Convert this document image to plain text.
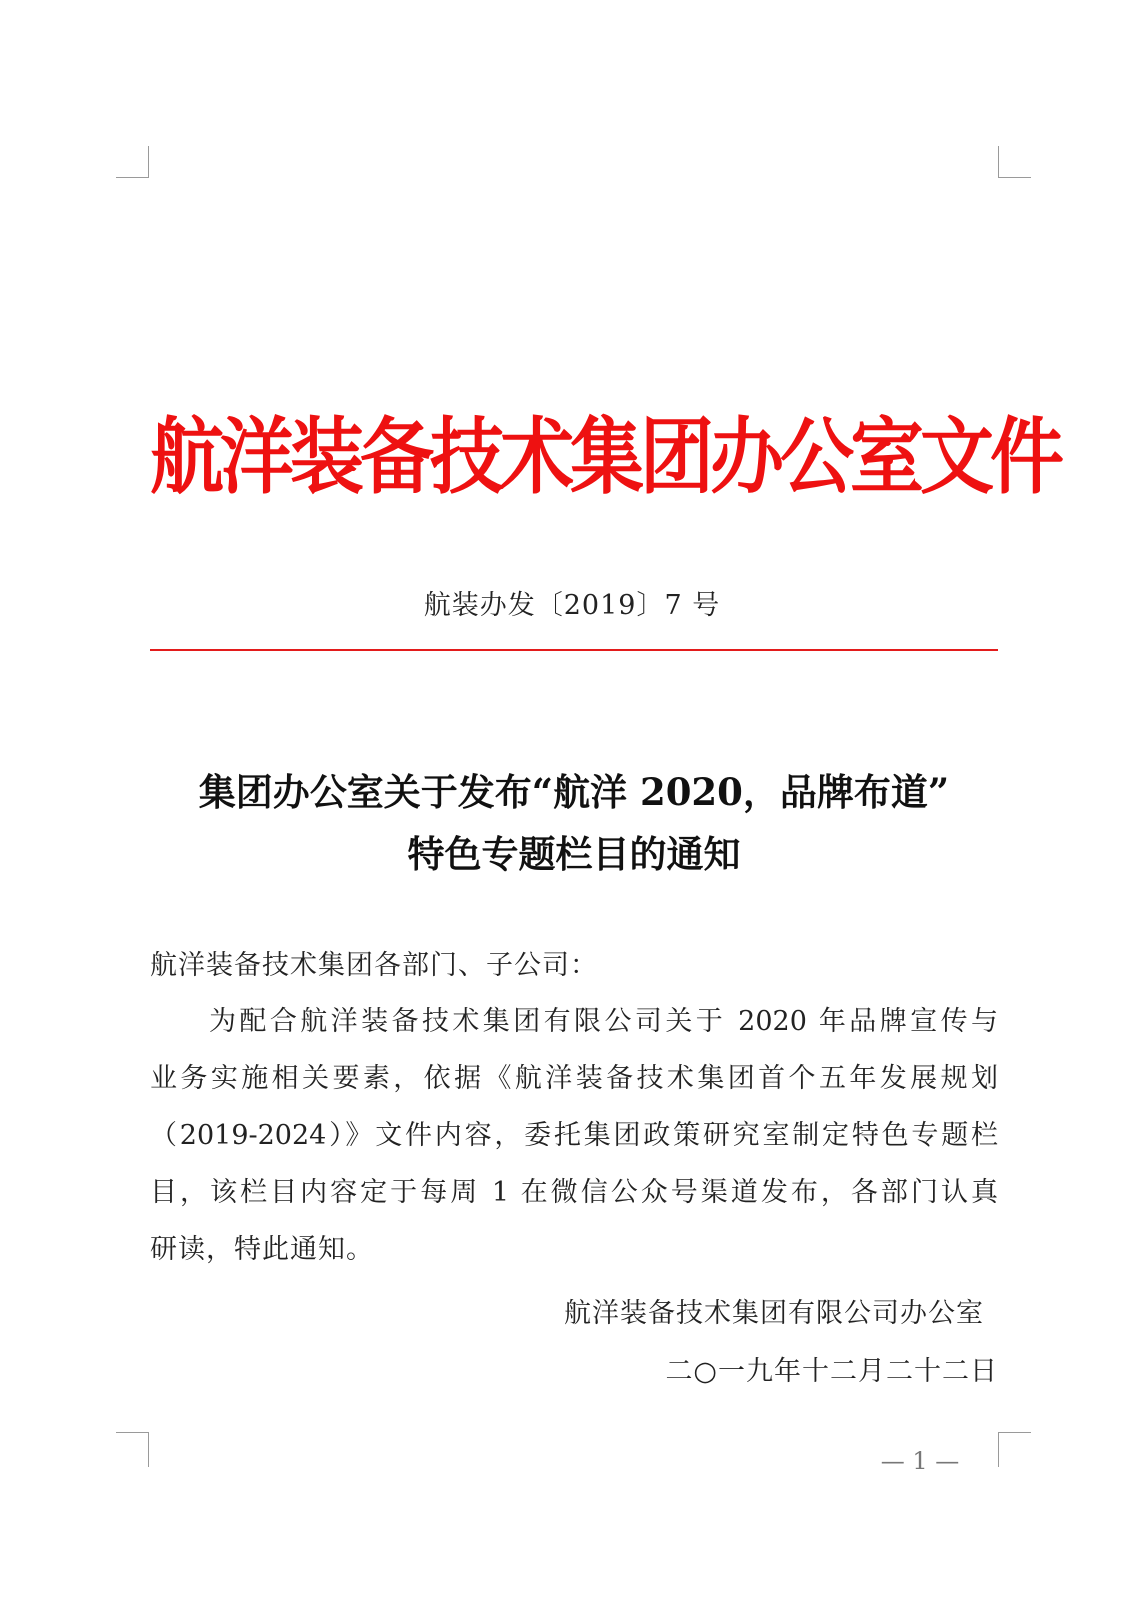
航洋装备技术集团办公室文件
航装办发〔2019〕7 号
集团办公室关于发布“航洋 2020，品牌布道”
特色专题栏目的通知
航洋装备技术集团各部门、子公司：
为配合航洋装备技术集团有限公司关于 2020 年品牌宣传与
业务实施相关要素，依据《航洋装备技术集团首个五年发展规划
（2019-2024）》文件内容，委托集团政策研究室制定特色专题栏
目，该栏目内容定于每周 1 在微信公众号渠道发布，各部门认真
研读，特此通知。
航洋装备技术集团有限公司办公室
二○一九年十二月二十二日
— 1 —
